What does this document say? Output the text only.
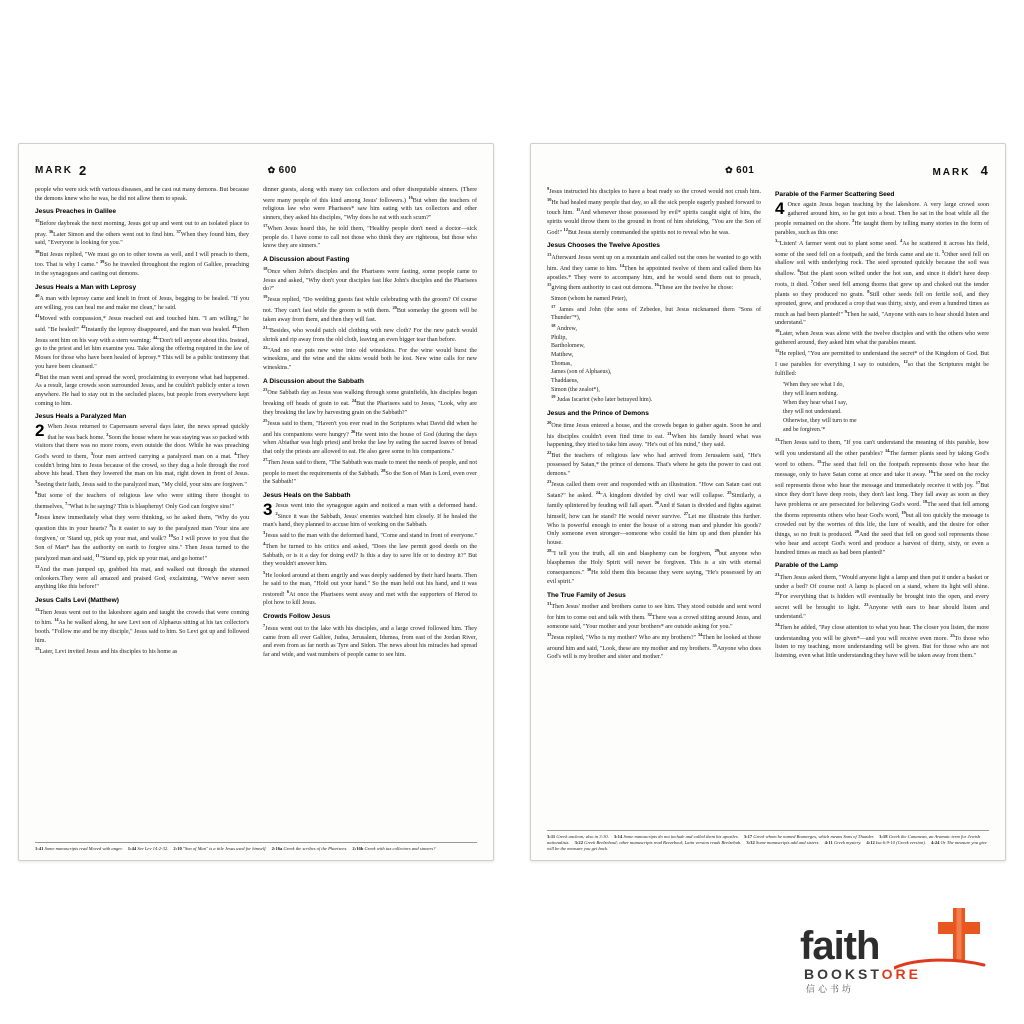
MARK 2	✿ 600

people who were sick with various diseases, and he cast out many demons. But because the demons knew who he was, he did not allow them to speak.

Jesus Preaches in Galilee

$^{35}$Before daybreak the next morning, Jesus got up and went out to an isolated place to pray. $^{36}$Later Simon and the others went out to find him. $^{37}$When they found him, they said, "Everyone is looking for you."

$^{38}$But Jesus replied, "We must go on to other towns as well, and I will preach to them, too. That is why I came." $^{39}$So he traveled throughout the region of Galilee, preaching in the synagogues and casting out demons.

Jesus Heals a Man with Leprosy

$^{40}$A man with leprosy came and knelt in front of Jesus, begging to be healed. "If you are willing, you can heal me and make me clean," he said.

$^{41}$Moved with compassion,* Jesus reached out and touched him. "I am willing," he said. "Be healed!" $^{42}$Instantly the leprosy disappeared, and the man was healed. $^{43}$Then Jesus sent him on his way with a stern warning: $^{44}$"Don't tell anyone about this. Instead, go to the priest and let him examine you. Take along the offering required in the law of Moses for those who have been healed of leprosy.* This will be a public testimony that you have been cleansed."

$^{45}$But the man went and spread the word, proclaiming to everyone what had happened. As a result, large crowds soon surrounded Jesus, and he couldn't publicly enter a town anywhere. He had to stay out in the secluded places, but people from everywhere kept coming to him.

Jesus Heals a Paralyzed Man

2 When Jesus returned to Capernaum several days later, the news spread quickly that he was back home. $^2$Soon the house where he was staying was so packed with visitors that there was no more room, even outside the door. While he was preaching God's word to them, $^3$four men arrived carrying a paralyzed man on a mat. $^4$They couldn't bring him to Jesus because of the crowd, so they dug a hole through the roof above his head. Then they lowered the man on his mat, right down in front of Jesus. $^5$Seeing their faith, Jesus said to the paralyzed man, "My child, your sins are forgiven."

$^6$But some of the teachers of religious law who were sitting there thought to themselves, $^7$"What is he saying? This is blasphemy! Only God can forgive sins!"

$^8$Jesus knew immediately what they were thinking, so he asked them, "Why do you question this in your hearts? $^9$Is it easier to say to the paralyzed man 'Your sins are forgiven,' or 'Stand up, pick up your mat, and walk'? $^{10}$So I will prove to you that the Son of Man* has the authority on earth to forgive sins." Then Jesus turned to the paralyzed man and said, $^{11}$"Stand up, pick up your mat, and go home!"

$^{12}$And the man jumped up, grabbed his mat, and walked out through the stunned onlookers.They were all amazed and praised God, exclaiming, "We've never seen anything like this before!"

Jesus Calls Levi (Matthew)

$^{13}$Then Jesus went out to the lakeshore again and taught the crowds that were coming to him. $^{14}$As he walked along, he saw Levi son of Alphaeus sitting at his tax collector's booth. "Follow me and be my disciple," Jesus said to him. So Levi got up and followed him.

$^{15}$Later, Levi invited Jesus and his disciples to his home as

dinner guests, along with many tax collectors and other disreputable sinners. (There were many people of this kind among Jesus' followers.) $^{16}$But when the teachers of religious law who were Pharisees* saw him eating with tax collectors and other sinners, they asked his disciples, "Why does he eat with such scum?"

$^{17}$When Jesus heard this, he told them, "Healthy people don't need a doctor—sick people do. I have come to call not those who think they are righteous, but those who know they are sinners."

A Discussion about Fasting

$^{18}$Once when John's disciples and the Pharisees were fasting, some people came to Jesus and asked, "Why don't your disciples fast like John's disciples and the Pharisees do?"

$^{19}$Jesus replied, "Do wedding guests fast while celebrating with the groom? Of course not. They can't fast while the groom is with them. $^{20}$But someday the groom will be taken away from them, and then they will fast.

$^{21}$"Besides, who would patch old clothing with new cloth? For the new patch would shrink and rip away from the old cloth, leaving an even bigger tear than before.

$^{22}$"And no one puts new wine into old wineskins. For the wine would burst the wineskins, and the wine and the skins would both be lost. New wine calls for new wineskins."

A Discussion about the Sabbath

$^{23}$One Sabbath day as Jesus was walking through some grainfields, his disciples began breaking off heads of grain to eat. $^{24}$But the Pharisees said to Jesus, "Look, why are they breaking the law by harvesting grain on the Sabbath?"

$^{25}$Jesus said to them, "Haven't you ever read in the Scriptures what David did when he and his companions were hungry? $^{26}$He went into the house of God (during the days when Abiathar was high priest) and broke the law by eating the sacred loaves of bread that only the priests are allowed to eat. He also gave some to his companions."

$^{27}$Then Jesus said to them, "The Sabbath was made to meet the needs of people, and not people to meet the requirements of the Sabbath. $^{28}$So the Son of Man is Lord, even over the Sabbath!"

Jesus Heals on the Sabbath

3 Jesus went into the synagogue again and noticed a man with a deformed hand. $^2$Since it was the Sabbath, Jesus' enemies watched him closely. If he healed the man's hand, they planned to accuse him of working on the Sabbath.

$^3$Jesus said to the man with the deformed hand, "Come and stand in front of everyone." $^4$Then he turned to his critics and asked, "Does the law permit good deeds on the Sabbath, or is it a day for doing evil? Is this a day to save life or to destroy it?" But they wouldn't answer him.

$^5$He looked around at them angrily and was deeply saddened by their hard hearts. Then he said to the man, "Hold out your hand." So the man held out his hand, and it was restored! $^6$At once the Pharisees went away and met with the supporters of Herod to plot how to kill Jesus.

Crowds Follow Jesus

$^7$Jesus went out to the lake with his disciples, and a large crowd followed him. They came from all over Galilee, Judea, Jerusalem, Idumea, from east of the Jordan River, and even from as far north as Tyre and Sidon. The news about his miracles had spread far and wide, and vast numbers of people came to see him.

1:41 Some manuscripts read Moved with anger. 1:44 See Lev 14:2-32. 2:10 "Son of Man" is a title Jesus used for himself. 2:16a Greek the scribes of the Pharisees. 2:16b Greek with tax collectors and sinners?
✿ 601	MARK 4

$^9$Jesus instructed his disciples to have a boat ready so the crowd would not crush him. $^{10}$He had healed many people that day, so all the sick people eagerly pushed forward to touch him. $^{11}$And whenever those possessed by evil* spirits caught sight of him, the spirits would throw them to the ground in front of him shrieking, "You are the Son of God!" $^{12}$But Jesus sternly commanded the spirits not to reveal who he was.

Jesus Chooses the Twelve Apostles

$^{13}$Afterward Jesus went up on a mountain and called out the ones he wanted to go with him. And they came to him. $^{14}$Then he appointed twelve of them and called them his apostles.* They were to accompany him, and he would send them out to preach, $^{15}$giving them authority to cast out demons. $^{16}$These are the twelve he chose:

Simon (whom he named Peter),
$^{17}$ James and John (the sons of Zebedee, but Jesus nicknamed them "Sons of Thunder"*),
$^{18}$ Andrew,
Philip,
Bartholomew,
Matthew,
Thomas,
James (son of Alphaeus),
Thaddaeus,
Simon (the zealot*),
$^{19}$ Judas Iscariot (who later betrayed him).
Jesus and the Prince of Demons

$^{20}$One time Jesus entered a house, and the crowds began to gather again. Soon he and his disciples couldn't even find time to eat. $^{21}$When his family heard what was happening, they tried to take him away. "He's out of his mind," they said.

$^{22}$But the teachers of religious law who had arrived from Jerusalem said, "He's possessed by Satan,* the prince of demons. That's where he gets the power to cast out demons."

$^{23}$Jesus called them over and responded with an illustration. "How can Satan cast out Satan?" he asked. $^{24}$"A kingdom divided by civil war will collapse. $^{25}$Similarly, a family splintered by feuding will fall apart. $^{26}$And if Satan is divided and fights against himself, how can he stand? He would never survive. $^{27}$Let me illustrate this further. Who is powerful enough to enter the house of a strong man and plunder his goods? Only someone even stronger—someone who could tie him up and then plunder his house.

$^{28}$"I tell you the truth, all sin and blasphemy can be forgiven, $^{29}$but anyone who blasphemes the Holy Spirit will never be forgiven. This is a sin with eternal consequences." $^{30}$He told them this because they were saying, "He's possessed by an evil spirit."

The True Family of Jesus

$^{31}$Then Jesus' mother and brothers came to see him. They stood outside and sent word for him to come out and talk with them. $^{32}$There was a crowd sitting around Jesus, and someone said, "Your mother and your brothers* are outside asking for you."

$^{33}$Jesus replied, "Who is my mother? Who are my brothers?" $^{34}$Then he looked at those around him and said, "Look, these are my mother and my brothers. $^{35}$Anyone who does God's will is my brother and sister and mother."

Parable of the Farmer Scattering Seed

4 Once again Jesus began teaching by the lakeshore. A very large crowd soon gathered around him, so he got into a boat. Then he sat in the boat while all the people remained on the shore. $^2$He taught them by telling many stories in the form of parables, such as this one:

$^3$"Listen! A farmer went out to plant some seed. $^4$As he scattered it across his field, some of the seed fell on a footpath, and the birds came and ate it. $^5$Other seed fell on shallow soil with underlying rock. The seed sprouted quickly because the soil was shallow. $^6$But the plant soon wilted under the hot sun, and since it didn't have deep roots, it died. $^7$Other seed fell among thorns that grew up and choked out the tender plants so they produced no grain. $^8$Still other seeds fell on fertile soil, and they sprouted, grew, and produced a crop that was thirty, sixty, and even a hundred times as much as had been planted!" $^9$Then he said, "Anyone with ears to hear should listen and understand."

$^{10}$Later, when Jesus was alone with the twelve disciples and with the others who were gathered around, they asked him what the parables meant.

$^{11}$He replied, "You are permitted to understand the secret* of the Kingdom of God. But I use parables for everything I say to outsiders, $^{12}$so that the Scriptures might be fulfilled:

'When they see what I do,
they will learn nothing.
When they hear what I say,
they will not understand.
Otherwise, they will turn to me
and be forgiven.'*

$^{13}$Then Jesus said to them, "If you can't understand the meaning of this parable, how will you understand all the other parables? $^{14}$The farmer plants seed by taking God's word to others. $^{15}$The seed that fell on the footpath represents those who hear the message, only to have Satan come at once and take it away. $^{16}$The seed on the rocky soil represents those who hear the message and immediately receive it with joy. $^{17}$But since they don't have deep roots, they don't last long. They fall away as soon as they have problems or are persecuted for believing God's word. $^{18}$The seed that fell among the thorns represents others who hear God's word, $^{19}$but all too quickly the message is crowded out by the worries of this life, the lure of wealth, and the desire for other things, so no fruit is produced. $^{20}$And the seed that fell on good soil represents those who hear and accept God's word and produce a harvest of thirty, sixty, or even a hundred times as much as had been planted!"

Parable of the Lamp

$^{21}$Then Jesus asked them, "Would anyone light a lamp and then put it under a basket or under a bed? Of course not! A lamp is placed on a stand, where its light will shine. $^{22}$For everything that is hidden will eventually be brought into the open, and every secret will be brought to light. $^{23}$Anyone with ears to hear should listen and understand."

$^{24}$Then he added, "Pay close attention to what you hear. The closer you listen, the more understanding you will be given*—and you will receive even more. $^{25}$To those who listen to my teaching, more understanding will be given. But for those who are not listening, even what little understanding they have will be taken away from them."

3:11 Greek unclean; also in 3:30. 3:14 Some manuscripts do not include and called them his apostles. 3:17 Greek whom he named Boanerges, which means Sons of Thunder. 3:18 Greek the Cananean, an Aramaic term for Jewish nationalists. 3:22 Greek Beelzeboul; other manuscripts read Beezeboul; Latin version reads Beelzebub. 3:32 Some manuscripts add and sisters. 4:11 Greek mystery. 4:12 Isa 6:9-10 (Greek version). 4:24 Or The measure you give will be the measure you get back.
faith
BOOKSTORE
信心书坊
